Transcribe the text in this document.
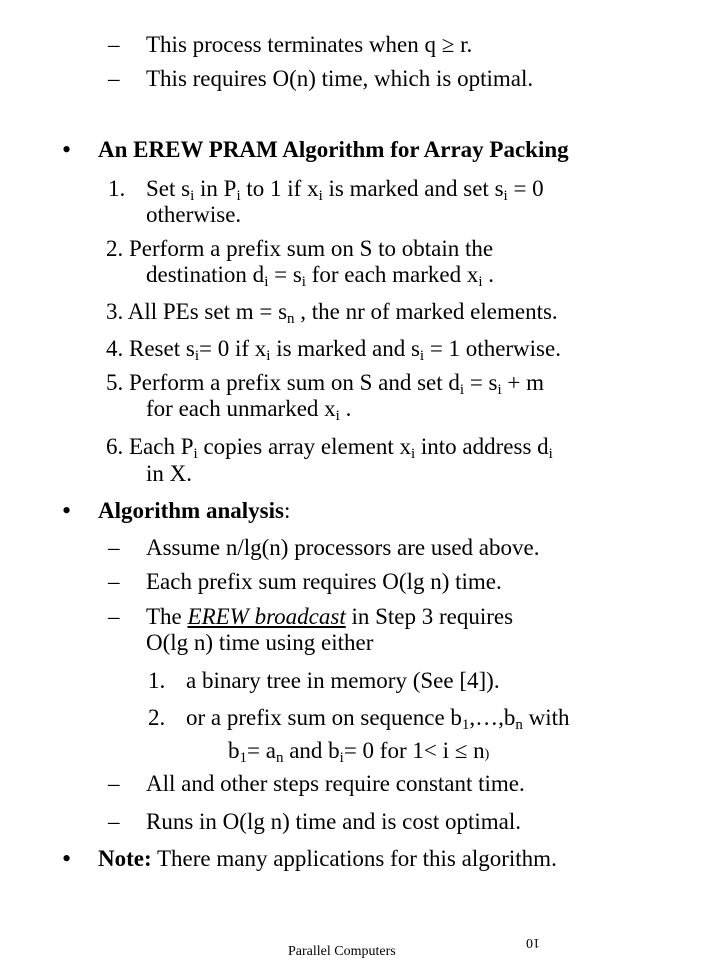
– This process terminates when q ≥ r.
– This requires O(n) time, which is optimal.
• An EREW PRAM Algorithm for Array Packing
1. Set $s_i$ in $P_i$ to 1 if $x_i$ is marked and set $s_i = 0$
otherwise.
2. Perform a prefix sum on S to obtain the
destination $d_i = s_i$ for each marked $x_i$ .
3. All PEs set $m = s_n$ , the nr of marked elements.
4. Reset $s_i= 0$ if $x_i$ is marked and $s_i = 1$ otherwise.
5. Perform a prefix sum on S and set $d_i = s_i + m$
for each unmarked $x_i$ .
6. Each $P_i$ copies array element $x_i$ into address $d_i$
in X.
• Algorithm analysis:
– Assume n/lg(n) processors are used above.
– Each prefix sum requires O(lg n) time.
– The EREW broadcast in Step 3 requires
O(lg n) time using either
1. a binary tree in memory (See [4]).
2. or a prefix sum on sequence $b_1,\dots,b_n$ with
$b_1= a_n$ and $b_i= 0$ for 1< i ≤ n)
– All and other steps require constant time.
– Runs in O(lg n) time and is cost optimal.
• Note: There many applications for this algorithm.
Parallel Computers
10
